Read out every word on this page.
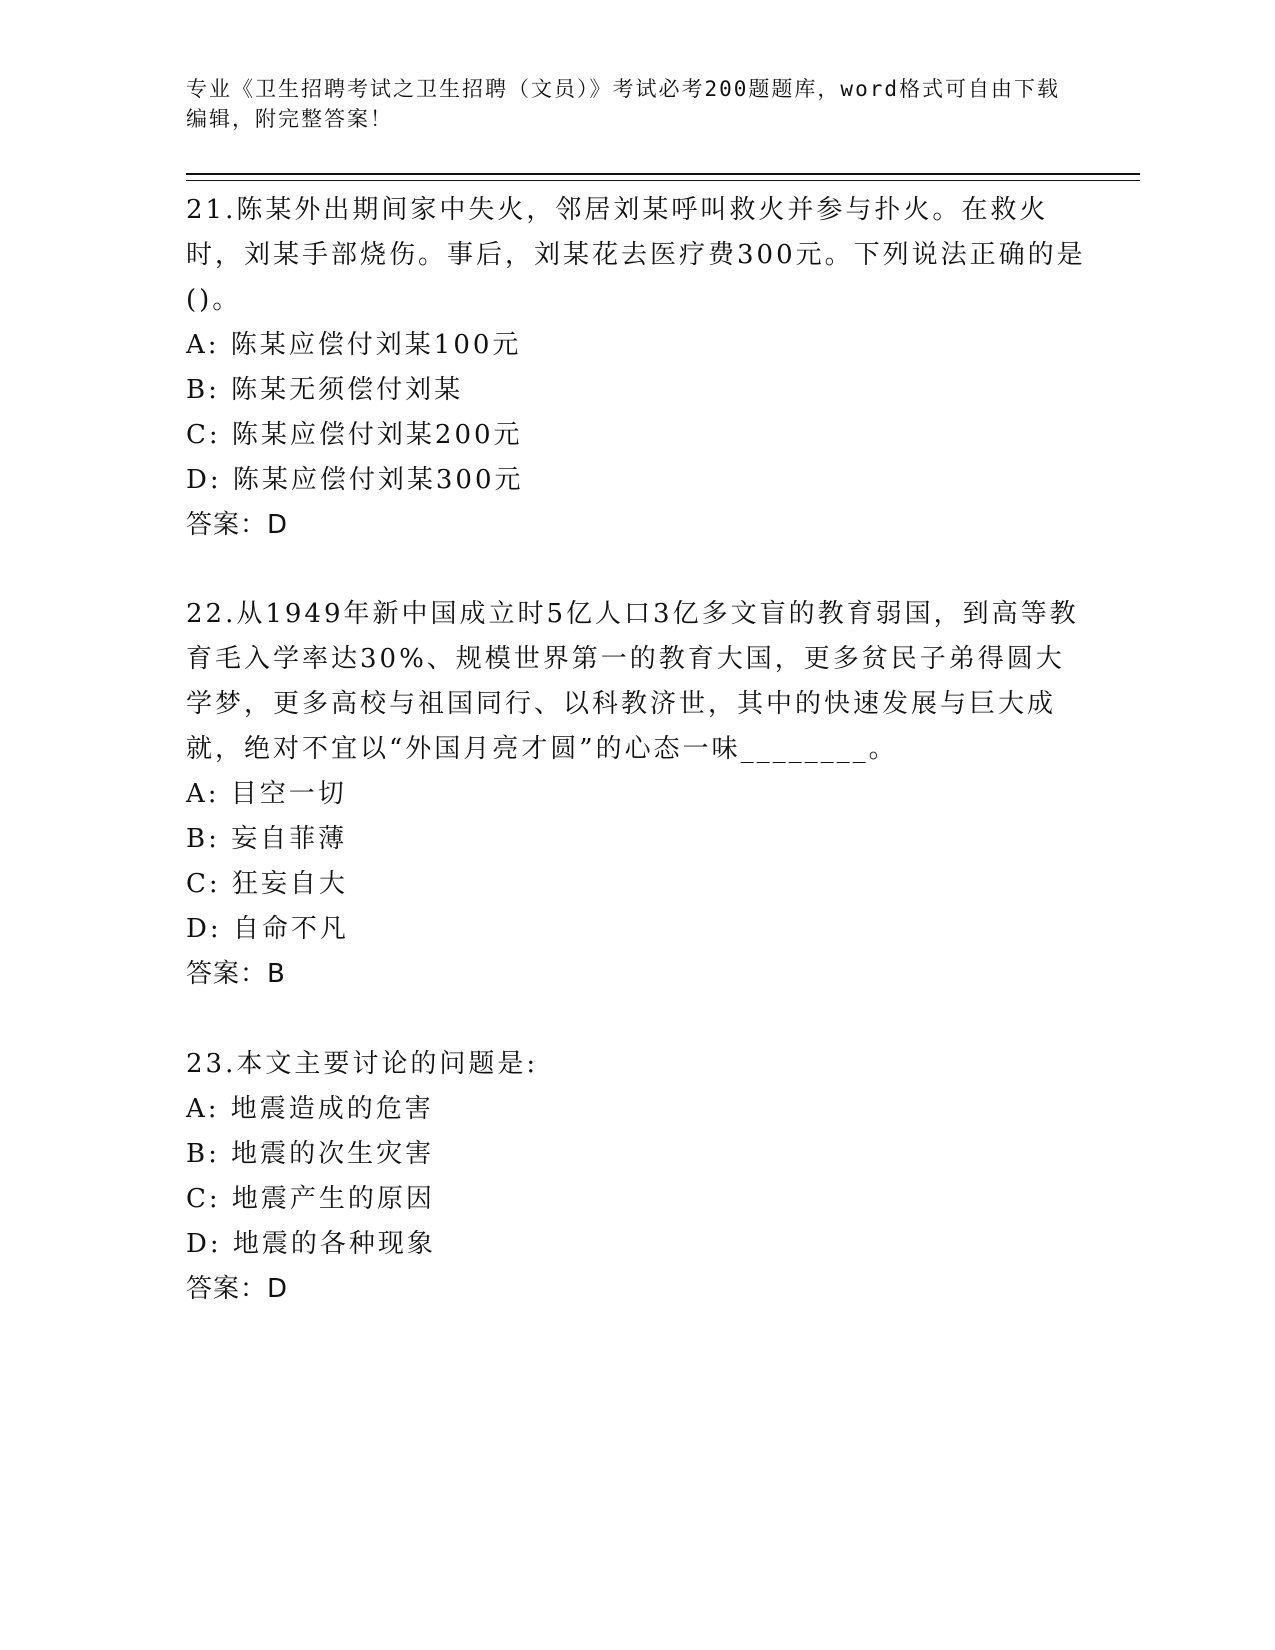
专业《卫生招聘考试之卫生招聘（文员）》考试必考200题题库，word格式可自由下载编辑，附完整答案！

21.陈某外出期间家中失火，邻居刘某呼叫救火并参与扑火。在救火时，刘某手部烧伤。事后，刘某花去医疗费300元。下列说法正确的是()。

A: 陈某应偿付刘某100元

B: 陈某无须偿付刘某

C: 陈某应偿付刘某200元

D: 陈某应偿付刘某300元

答案：D

22.从1949年新中国成立时5亿人口3亿多文盲的教育弱国，到高等教育毛入学率达30%、规模世界第一的教育大国，更多贫民子弟得圆大学梦，更多高校与祖国同行、以科教济世，其中的快速发展与巨大成就，绝对不宜以“外国月亮才圆”的心态一味________。

A: 目空一切

B: 妄自菲薄

C: 狂妄自大

D: 自命不凡

答案：B

23.本文主要讨论的问题是:

A: 地震造成的危害

B: 地震的次生灾害

C: 地震产生的原因

D: 地震的各种现象

答案：D
